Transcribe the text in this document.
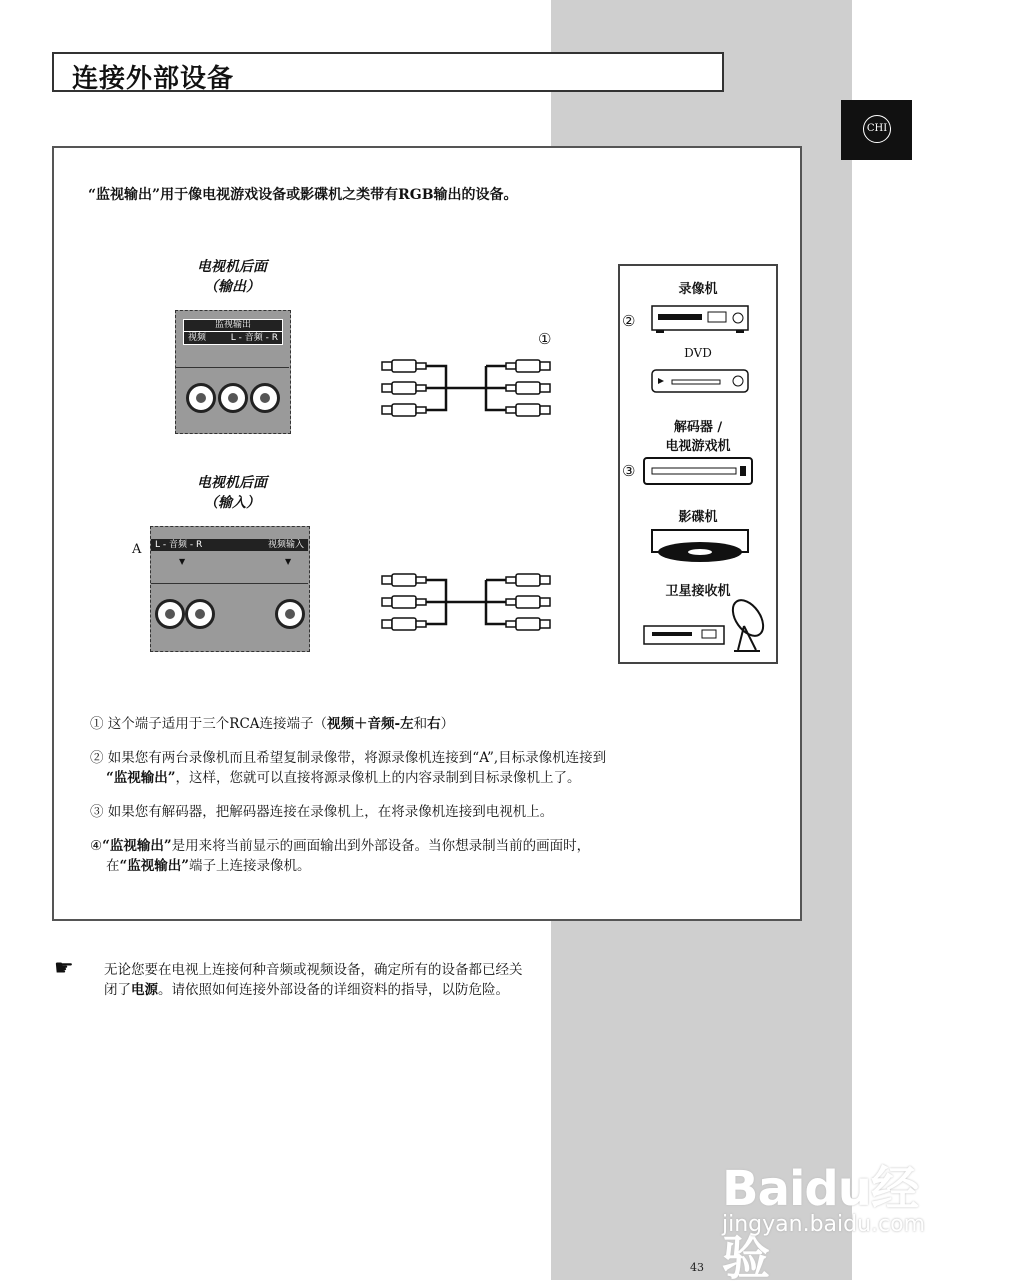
连接外部设备
CHI
“监视输出”用于像电视游戏设备或影碟机之类带有RGB输出的设备。
电视机后面
（输出）
监视输出
视频	L - 音频 - R
电视机后面
（输入）
A L - 音频 - R	视频输入
▼	▼
①
录像机
②
DVD
解码器 /
电视游戏机
③
影碟机
卫星接收机
① 这个端子适用于三个RCA连接端子（视频＋音频-左和右）
② 如果您有两台录像机而且希望复制录像带，将源录像机连接到“A”,目标录像机连接到
“监视输出”，这样，您就可以直接将源录像机上的内容录制到目标录像机上了。
③ 如果您有解码器，把解码器连接在录像机上，在将录像机连接到电视机上。
④“监视输出”是用来将当前显示的画面输出到外部设备。当你想录制当前的画面时，
在“监视输出”端子上连接录像机。
☛ 无论您要在电视上连接何种音频或视频设备，确定所有的设备都已经关闭了电源。请依照如何连接外部设备的详细资料的指导，以防危险。
Baidu经验
jingyan.baidu.com
43
